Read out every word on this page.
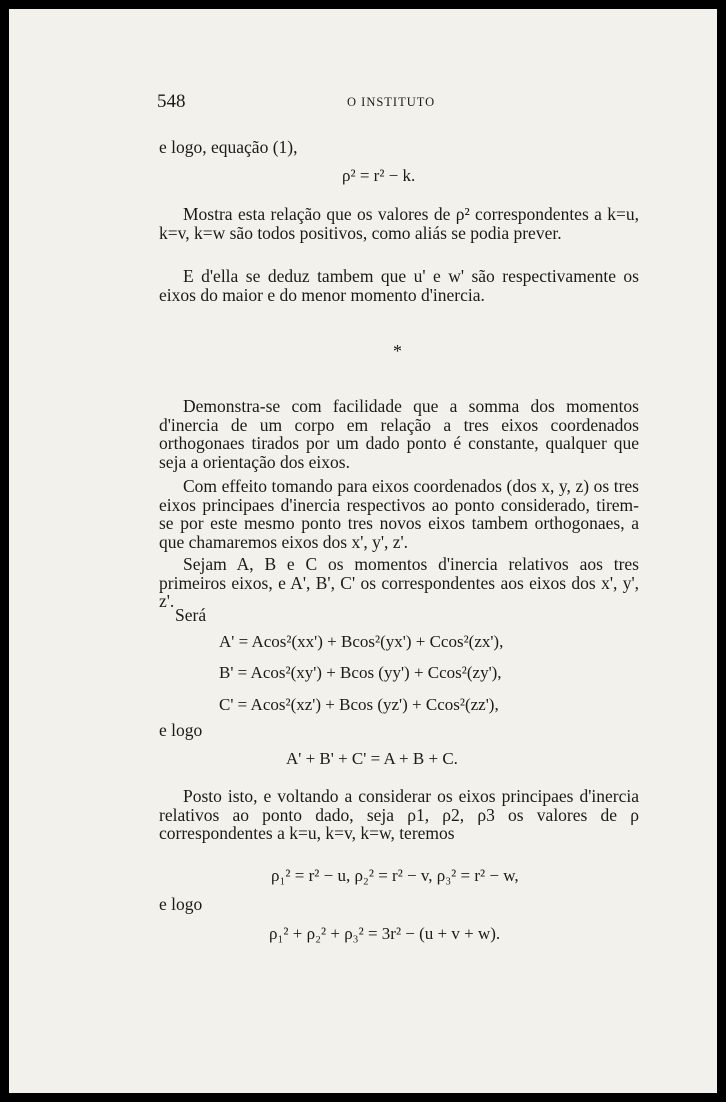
548	O INSTITUTO
e logo, equação (1),
ρ² = r² − k.
Mostra esta relação que os valores de ρ² correspondentes a k=u, k=v, k=w são todos positivos, como aliás se podia prever.
E d'ella se deduz tambem que u' e w' são respectivamente os eixos do maior e do menor momento d'inercia.
*
Demonstra-se com facilidade que a somma dos momentos d'inercia de um corpo em relação a tres eixos coordenados orthogonaes tirados por um dado ponto é constante, qualquer que seja a orientação dos eixos.
Com effeito tomando para eixos coordenados (dos x, y, z) os tres eixos principaes d'inercia respectivos ao ponto considerado, tirem-se por este mesmo ponto tres novos eixos tambem orthogonaes, a que chamaremos eixos dos x', y', z'.
Sejam A, B e C os momentos d'inercia relativos aos tres primeiros eixos, e A', B', C' os correspondentes aos eixos dos x', y', z'.
Será
A' = Acos²(xx') + Bcos²(yx') + Ccos²(zx'),
B' = Acos²(xy') + Bcos (yy') + Ccos²(zy'),
C' = Acos²(xz') + Bcos (yz') + Ccos²(zz'),
e logo
A' + B' + C' = A + B + C.
Posto isto, e voltando a considerar os eixos principaes d'inercia relativos ao ponto dado, seja ρ1, ρ2, ρ3 os valores de ρ correspondentes a k=u, k=v, k=w, teremos
ρ₁² = r² − u, ρ₂² = r² − v, ρ₃² = r² − w,
e logo
ρ₁² + ρ₂² + ρ₃² = 3r² − (u + v + w).
